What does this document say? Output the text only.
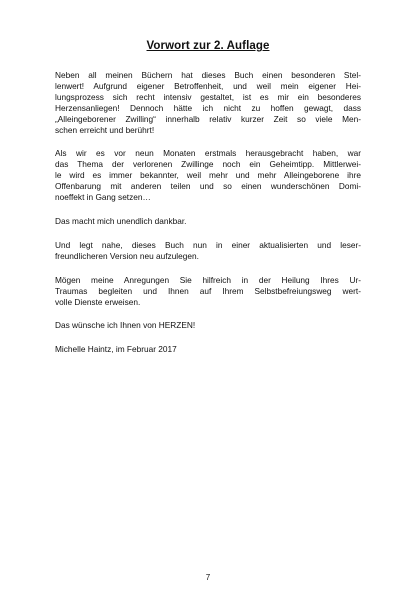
Vorwort zur 2. Auflage

Neben all meinen Büchern hat dieses Buch einen besonderen Stel-
lenwert! Aufgrund eigener Betroffenheit, und weil mein eigener Hei-
lungsprozess sich recht intensiv gestaltet, ist es mir ein besonderes
Herzensanliegen! Dennoch hätte ich nicht zu hoffen gewagt, dass
„Alleingeborener Zwilling“ innerhalb relativ kurzer Zeit so viele Men-
schen erreicht und berührt!

Als wir es vor neun Monaten erstmals herausgebracht haben, war
das Thema der verlorenen Zwillinge noch ein Geheimtipp. Mittlerwei-
le wird es immer bekannter, weil mehr und mehr Alleingeborene ihre
Offenbarung mit anderen teilen und so einen wunderschönen Domi-
noeffekt in Gang setzen…

Das macht mich unendlich dankbar.

Und legt nahe, dieses Buch nun in einer aktualisierten und leser-
freundlicheren Version neu aufzulegen.

Mögen meine Anregungen Sie hilfreich in der Heilung Ihres Ur-
Traumas begleiten und Ihnen auf Ihrem Selbstbefreiungsweg wert-
volle Dienste erweisen.

Das wünsche ich Ihnen von HERZEN!

Michelle Haintz, im Februar 2017

7
